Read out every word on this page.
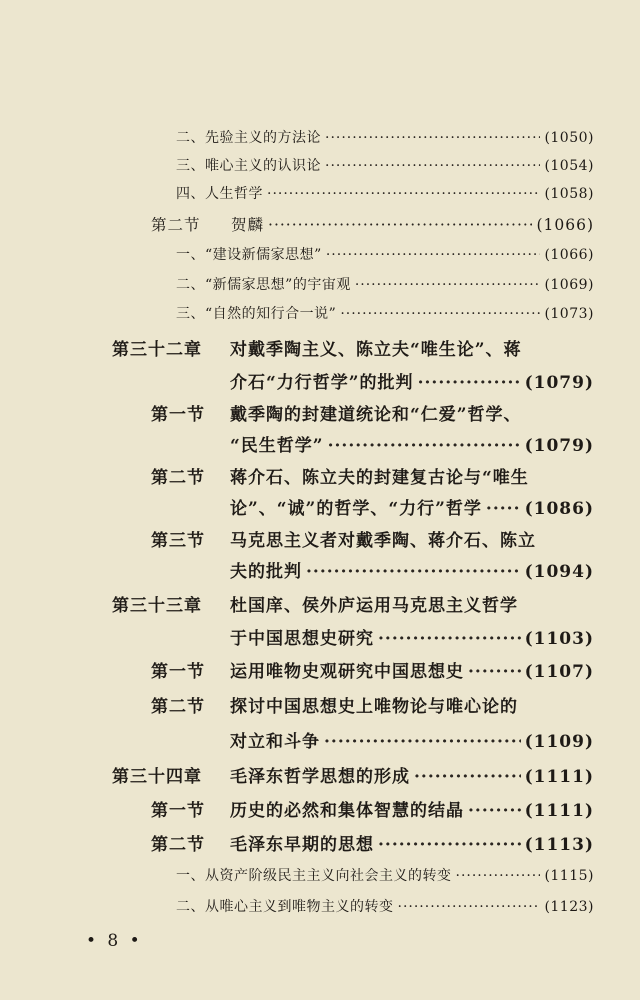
二、先验主义的方法论 ·····	(1050)
三、唯心主义的认识论 ·····	(1054)
四、人生哲学 ·····	(1058)
第二节	贺麟 ·····	(1066)
一、“建设新儒家思想” ·····	(1066)
二、“新儒家思想”的宇宙观 ·····	(1069)
三、“自然的知行合一说” ·····	(1073)
第三十二章	对戴季陶主义、陈立夫“唯生论”、蒋
介石“力行哲学”的批判 ·····	(1079)
第一节	戴季陶的封建道统论和“仁爱”哲学、
“民生哲学” ·····	(1079)
第二节	蒋介石、陈立夫的封建复古论与“唯生
论”、“诚”的哲学、“力行”哲学 ·····	(1086)
第三节	马克思主义者对戴季陶、蒋介石、陈立
夫的批判 ·····	(1094)
第三十三章	杜国庠、侯外庐运用马克思主义哲学
于中国思想史研究 ·····	(1103)
第一节	运用唯物史观研究中国思想史 ·····	(1107)
第二节	探讨中国思想史上唯物论与唯心论的
对立和斗争 ·····	(1109)
第三十四章	毛泽东哲学思想的形成 ·····	(1111)
第一节	历史的必然和集体智慧的结晶 ·····	(1111)
第二节	毛泽东早期的思想 ·····	(1113)
一、从资产阶级民主主义向社会主义的转变 ·····	(1115)
二、从唯心主义到唯物主义的转变 ·····	(1123)
• 8 •
